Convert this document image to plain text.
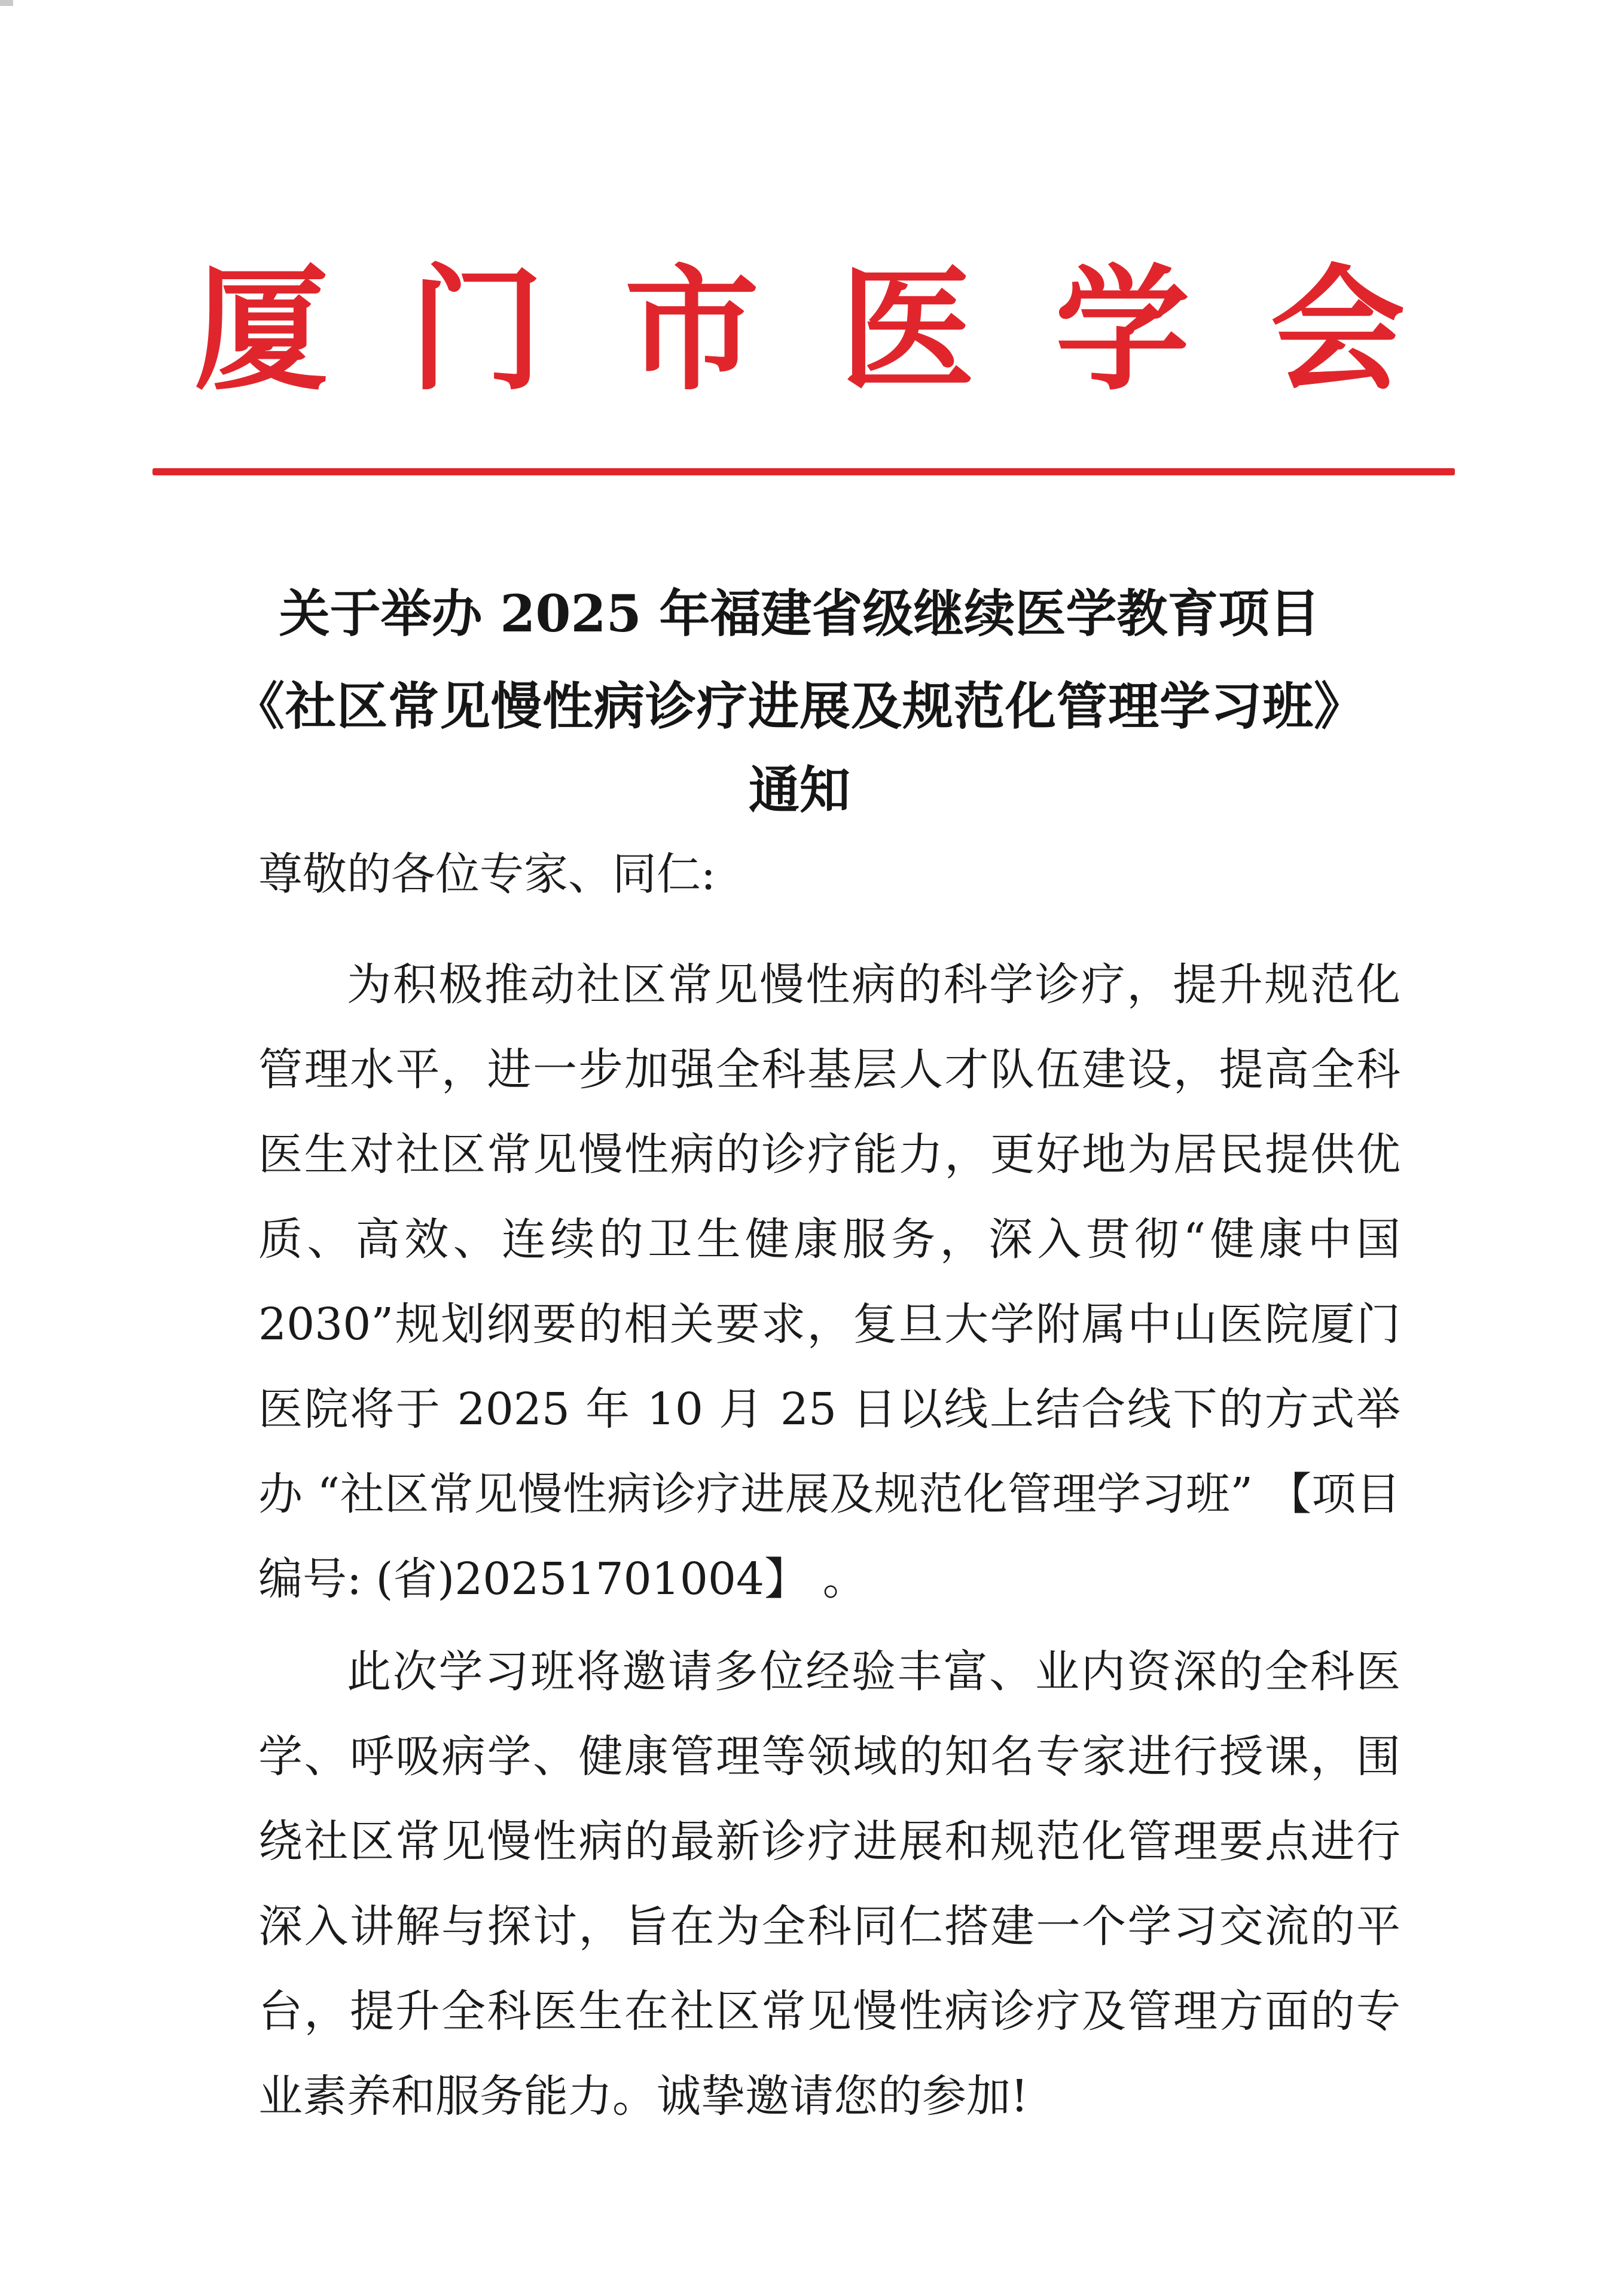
厦门市医学会
关于举办 2025 年福建省级继续医学教育项目
《社区常见慢性病诊疗进展及规范化管理学习班》
通知

尊敬的各位专家、同仁:

为积极推动社区常见慢性病的科学诊疗，提升规范化管理水平，进一步加强全科基层人才队伍建设，提高全科医生对社区常见慢性病的诊疗能力，更好地为居民提供优质、高效、连续的卫生健康服务，深入贯彻“健康中国 2030”规划纲要的相关要求，复旦大学附属中山医院厦门医院将于 2025 年 10 月 25 日以线上结合线下的方式举办 “社区常见慢性病诊疗进展及规范化管理学习班” 【项目编号: (省)20251701004】 。

此次学习班将邀请多位经验丰富、业内资深的全科医学、呼吸病学、健康管理等领域的知名专家进行授课，围绕社区常见慢性病的最新诊疗进展和规范化管理要点进行深入讲解与探讨，旨在为全科同仁搭建一个学习交流的平台，提升全科医生在社区常见慢性病诊疗及管理方面的专业素养和服务能力。诚挚邀请您的参加!
